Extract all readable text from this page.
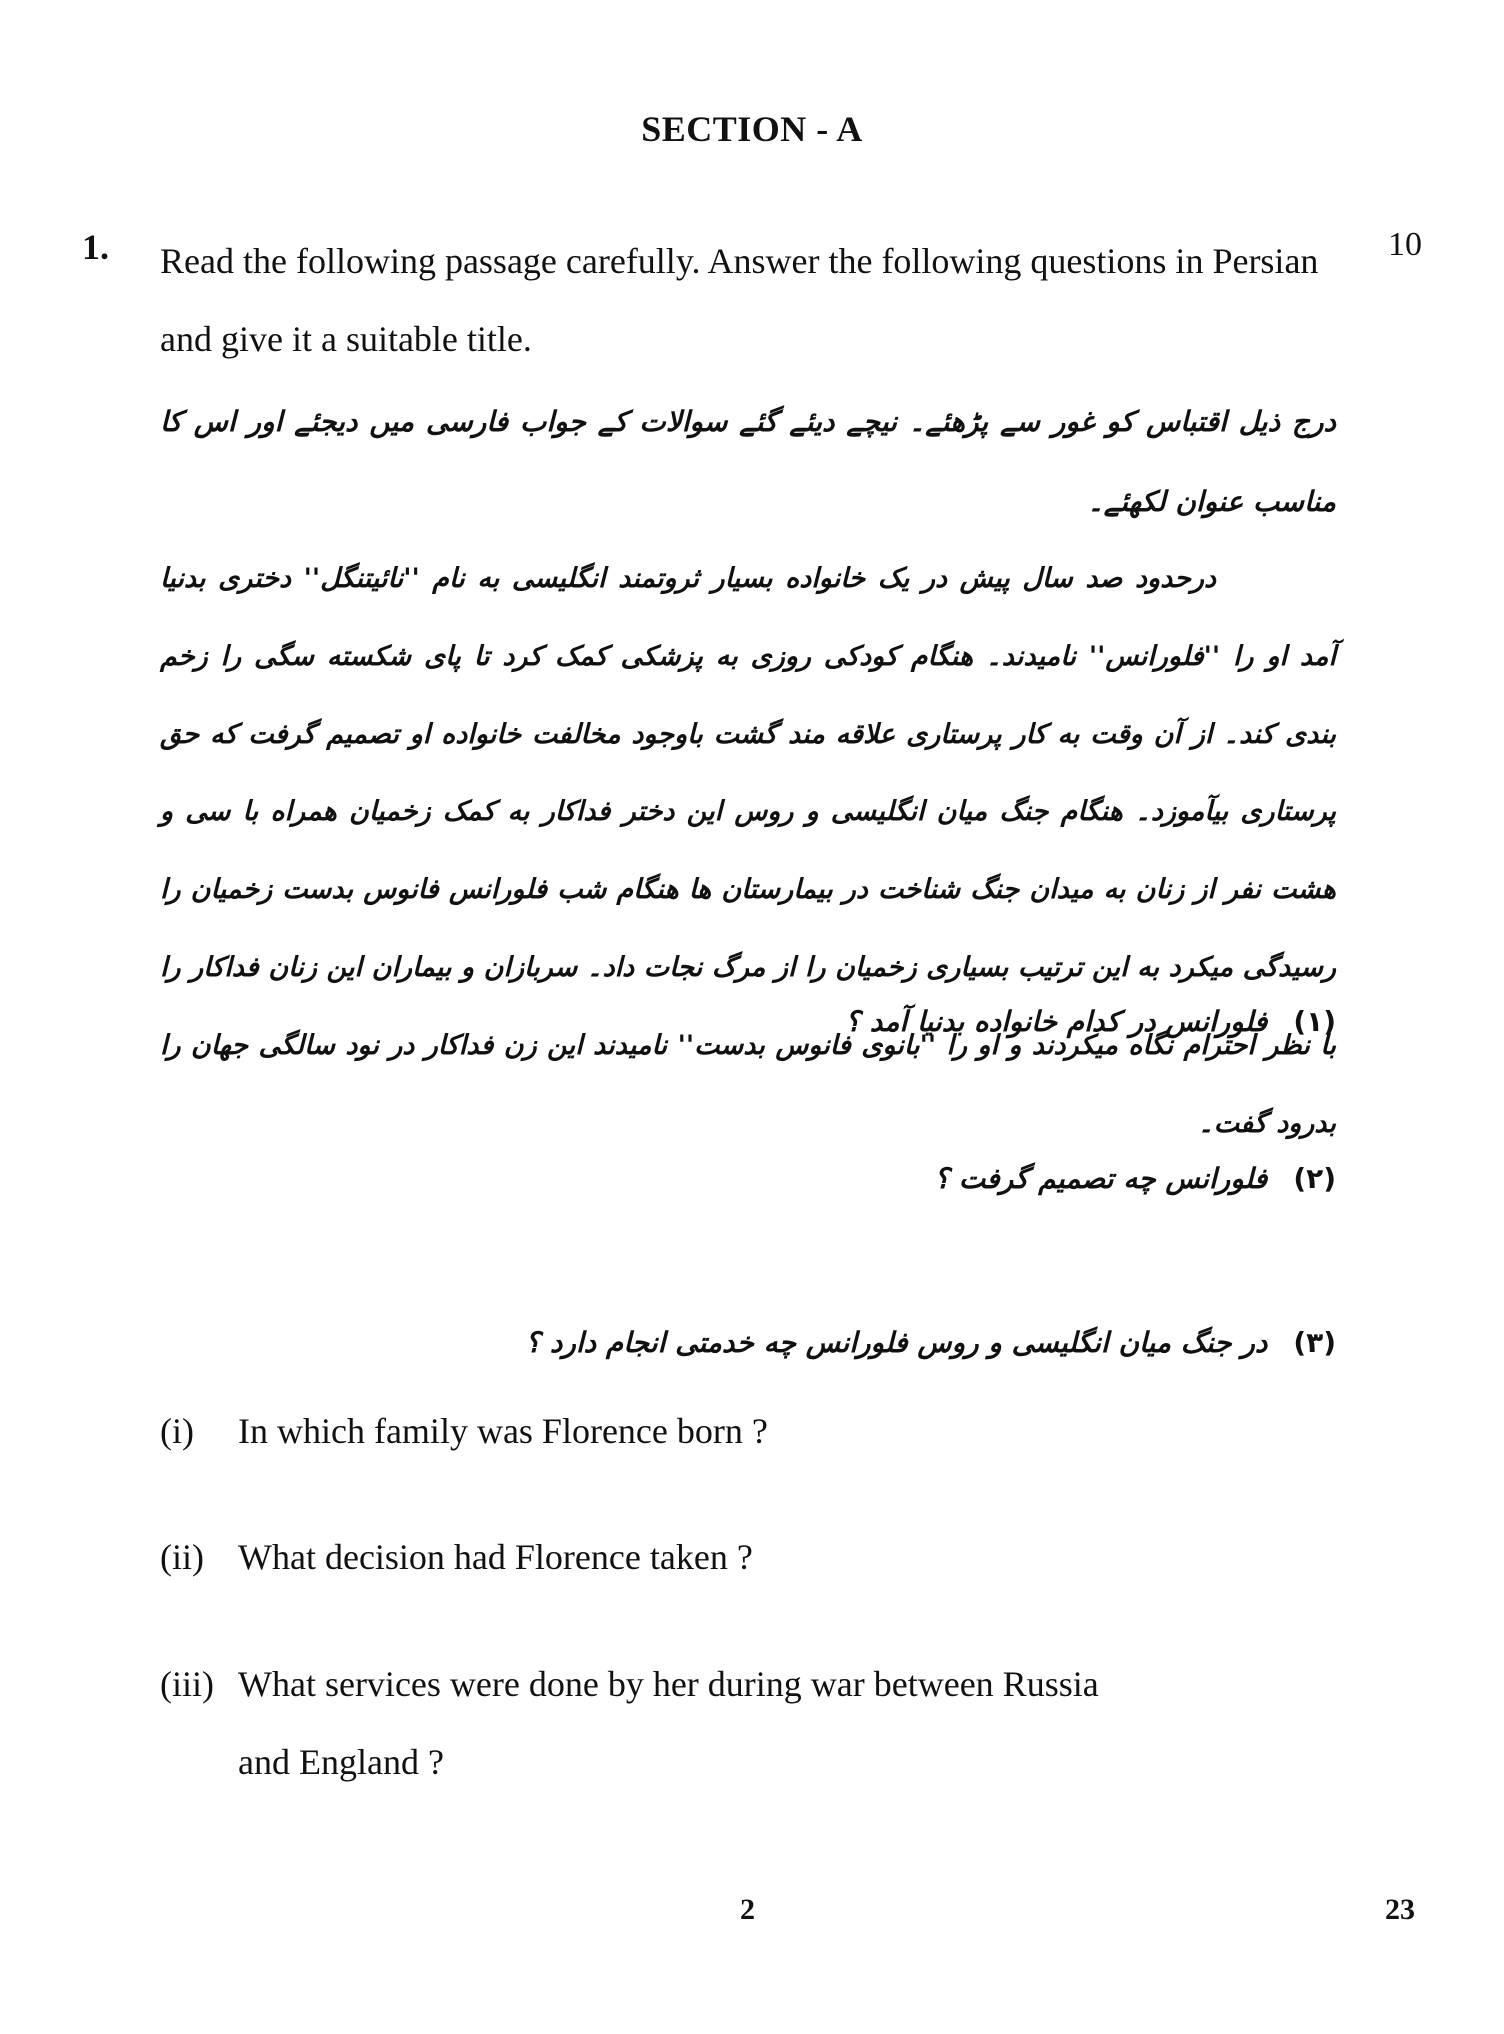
SECTION - A
1.	10
Read the following passage carefully. Answer the following questions in Persian and give it a suitable title.
درج ذیل اقتباس کو غور سے پڑھئے۔ نیچے دیئے گئے سوالات کے جواب فارسی میں دیجئے اور اس کا مناسب عنوان لکھئے۔
درحدود صد سال پیش در یک خانواده بسیار ثروتمند انگلیسی به نام ''نائیتنگل'' دختری بدنیا آمد او را ''فلورانس'' نامیدند۔ هنگام کودکی روزی به پزشکی کمک کرد تا پای شکسته سگی را زخم بندی کند۔ از آن وقت به کار پرستاری علاقه مند گشت باوجود مخالفت خانواده او تصمیم گرفت که حق پرستاری بیآموزد۔ هنگام جنگ میان انگلیسی و روس این دختر فداکار به کمک زخمیان همراه با سی و هشت نفر از زنان به میدان جنگ شناخت در بیمارستان ها هنگام شب فلورانس فانوس بدست زخمیان را رسیدگی میکرد به این ترتیب بسیاری زخمیان را از مرگ نجات داد۔ سربازان و بیماران این زنان فداکار را با نظر احترام نگاه میکردند و او را ''بانوی فانوس بدست'' نامیدند این زن فداکار در نود سالگی جهان را بدرود گفت۔
(۱)فلورانس در کدام خانواده بدنیا آمد ؟
(۲)فلورانس چه تصمیم گرفت ؟
(۳)در جنگ میان انگلیسی و روس فلورانس چه خدمتی انجام دارد ؟
(i) In which family was Florence born ?
(ii) What decision had Florence taken ?
(iii) What services were done by her during war between Russia
and England ?
2	23
